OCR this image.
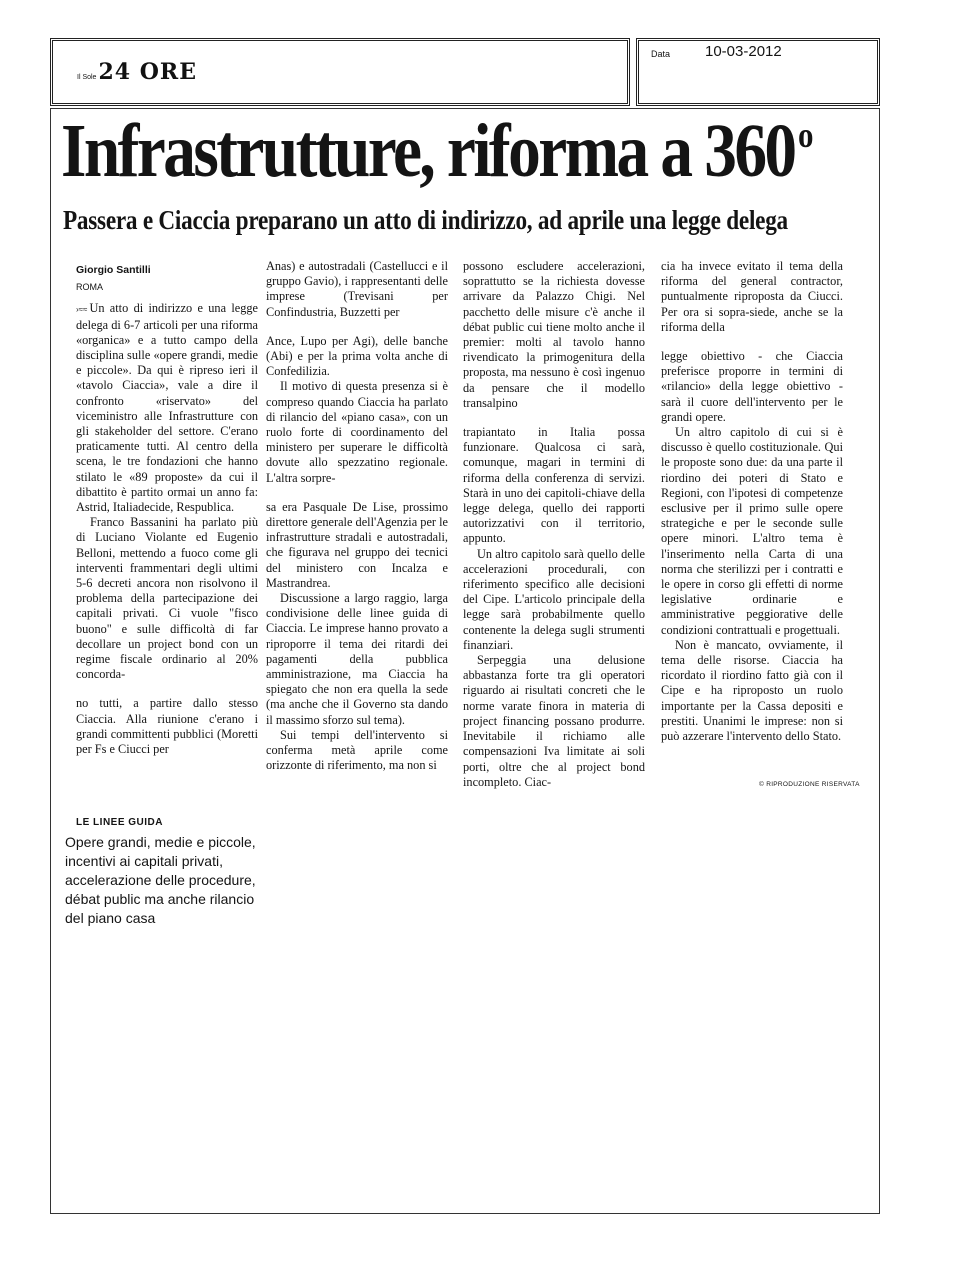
Il Sole 24 ORE
Data 10-03-2012
Infrastrutture, riforma a 360$^o$
Passera e Ciaccia preparano un atto di indirizzo, ad aprile una legge delega
Giorgio Santilli
ROMA

›≈≈ Un atto di indirizzo e una legge delega di 6-7 articoli per una riforma «organica» e a tutto campo della disciplina sulle «opere grandi, medie e piccole». Da qui è ripreso ieri il «tavolo Ciaccia», vale a dire il confronto «riservato» del viceministro alle Infrastrutture con gli stakeholder del settore. C'erano praticamente tutti. Al centro della scena, le tre fondazioni che hanno stilato le «89 proposte» da cui il dibattito è partito ormai un anno fa: Astrid, Italiadecide, Respublica.

Franco Bassanini ha parlato più di Luciano Violante ed Eugenio Belloni, mettendo a fuoco come gli interventi frammentari degli ultimi 5-6 decreti ancora non risolvono il problema della partecipazione dei capitali privati. Ci vuole "fisco buono" e sulle difficoltà di far decollare un project bond con un regime fiscale ordinario al 20% concorda-

no tutti, a partire dallo stesso Ciaccia. Alla riunione c'erano i grandi committenti pubblici (Moretti per Fs e Ciucci per

Anas) e autostradali (Castellucci e il gruppo Gavio), i rappresentanti delle imprese (Trevisani per Confindustria, Buzzetti per

Ance, Lupo per Agi), delle banche (Abi) e per la prima volta anche di Confedilizia.

Il motivo di questa presenza si è compreso quando Ciaccia ha parlato di rilancio del «piano casa», con un ruolo forte di coordinamento del ministero per superare le difficoltà dovute allo spezzatino regionale. L'altra sorpre-

sa era Pasquale De Lise, prossimo direttore generale dell'Agenzia per le infrastrutture stradali e autostradali, che figurava nel gruppo dei tecnici del ministero con Incalza e Mastrandrea.

Discussione a largo raggio, larga condivisione delle linee guida di Ciaccia. Le imprese hanno provato a riproporre il tema dei ritardi dei pagamenti della pubblica amministrazione, ma Ciaccia ha spiegato che non era quella la sede (ma anche che il Governo sta dando il massimo sforzo sul tema).

Sui tempi dell'intervento si conferma metà aprile come orizzonte di riferimento, ma non si

possono escludere accelerazioni, soprattutto se la richiesta dovesse arrivare da Palazzo Chigi. Nel pacchetto delle misure c'è anche il débat public cui tiene molto anche il premier: molti al tavolo hanno rivendicato la primogenitura della proposta, ma nessuno è così ingenuo da pensare che il modello transalpino

trapiantato in Italia possa funzionare. Qualcosa ci sarà, comunque, magari in termini di riforma della conferenza di servizi. Starà in uno dei capitoli-chiave della legge delega, quello dei rapporti autorizzativi con il territorio, appunto.

Un altro capitolo sarà quello delle accelerazioni procedurali, con riferimento specifico alle decisioni del Cipe. L'articolo principale della legge sarà probabilmente quello contenente la delega sugli strumenti finanziari.

Serpeggia una delusione abbastanza forte tra gli operatori riguardo ai risultati concreti che le norme varate finora in materia di project financing possano produrre. Inevitabile il richiamo alle compensazioni Iva limitate ai soli porti, oltre che al project bond incompleto. Ciac-

cia ha invece evitato il tema della riforma del general contractor, puntualmente riproposta da Ciucci. Per ora si sopra-siede, anche se la riforma della

legge obiettivo - che Ciaccia preferisce proporre in termini di «rilancio» della legge obiettivo - sarà il cuore dell'intervento per le grandi opere.

Un altro capitolo di cui si è discusso è quello costituzionale. Qui le proposte sono due: da una parte il riordino dei poteri di Stato e Regioni, con l'ipotesi di competenze esclusive per il primo sulle opere strategiche e per le seconde sulle opere minori. L'altro tema è l'inserimento nella Carta di una norma che sterilizzi per i contratti e le opere in corso gli effetti di norme legislative ordinarie e amministrative peggiorative delle condizioni contrattuali e progettuali.

Non è mancato, ovviamente, il tema delle risorse. Ciaccia ha ricordato il riordino fatto già con il Cipe e ha riproposto un ruolo importante per la Cassa depositi e prestiti. Unanimi le imprese: non si può azzerare l'intervento dello Stato.

© RIPRODUZIONE RISERVATA
LE LINEE GUIDA
Opere grandi, medie e piccole, incentivi ai capitali privati, accelerazione delle procedure, débat public ma anche rilancio del piano casa
